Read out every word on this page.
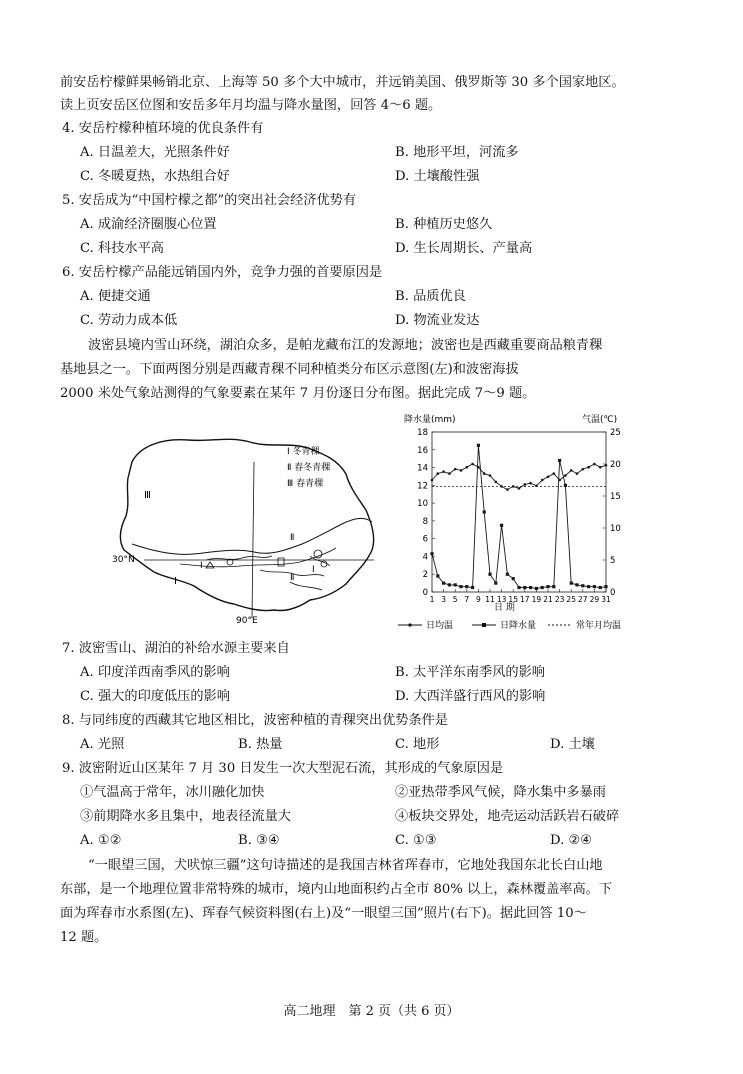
前安岳柠檬鲜果畅销北京、上海等 50 多个大中城市，并远销美国、俄罗斯等 30 多个国家地区。
读上页安岳区位图和安岳多年月均温与降水量图，回答 4～6 题。
4. 安岳柠檬种植环境的优良条件有
A. 日温差大，光照条件好	B. 地形平坦，河流多
C. 冬暖夏热，水热组合好	D. 土壤酸性强
5. 安岳成为“中国柠檬之都”的突出社会经济优势有
A. 成渝经济圈腹心位置	B. 种植历史悠久
C. 科技水平高	D. 生长周期长、产量高
6. 安岳柠檬产品能远销国内外，竞争力强的首要原因是
A. 便捷交通	B. 品质优良
C. 劳动力成本低	D. 物流业发达
波密县境内雪山环绕，湖泊众多，是帕龙藏布江的发源地；波密也是西藏重要商品粮青稞
基地县之一。下面两图分别是西藏青稞不同种植类分布区示意图(左)和波密海拔
2000 米处气象站测得的气象要素在某年 7 月份逐日分布图。据此完成 7～9 题。
30°N
90°E
Ⅲ
Ⅱ
Ⅱ
Ⅰ
Ⅰ
Ⅰ
Ⅰ 冬青稞
Ⅱ 春冬青稞
Ⅲ 春青稞
降水量(mm)	气温(℃)
0
2
4
6
8
10
12
14
16
18
0
5
10
15
20
25
1 3 5 7 9 11 13 15 17 19 21 23 25 27 29 31
日 期
日均温	日降水量	常年月均温
7. 波密雪山、湖泊的补给水源主要来自
A. 印度洋西南季风的影响	B. 太平洋东南季风的影响
C. 强大的印度低压的影响	D. 大西洋盛行西风的影响
8. 与同纬度的西藏其它地区相比，波密种植的青稞突出优势条件是
A. 光照	B. 热量	C. 地形	D. 土壤
9. 波密附近山区某年 7 月 30 日发生一次大型泥石流，其形成的气象原因是
①气温高于常年，冰川融化加快	②亚热带季风气候，降水集中多暴雨
③前期降水多且集中，地表径流量大	④板块交界处，地壳运动活跃岩石破碎
A. ①②	B. ③④	C. ①③	D. ②④
“一眼望三国，犬吠惊三疆”这句诗描述的是我国吉林省珲春市，它地处我国东北长白山地
东部，是一个地理位置非常特殊的城市，境内山地面积约占全市 80% 以上，森林覆盖率高。下
面为珲春市水系图(左)、珲春气候资料图(右上)及“一眼望三国”照片(右下)。据此回答 10～
12 题。
高二地理　第 2 页（共 6 页）
